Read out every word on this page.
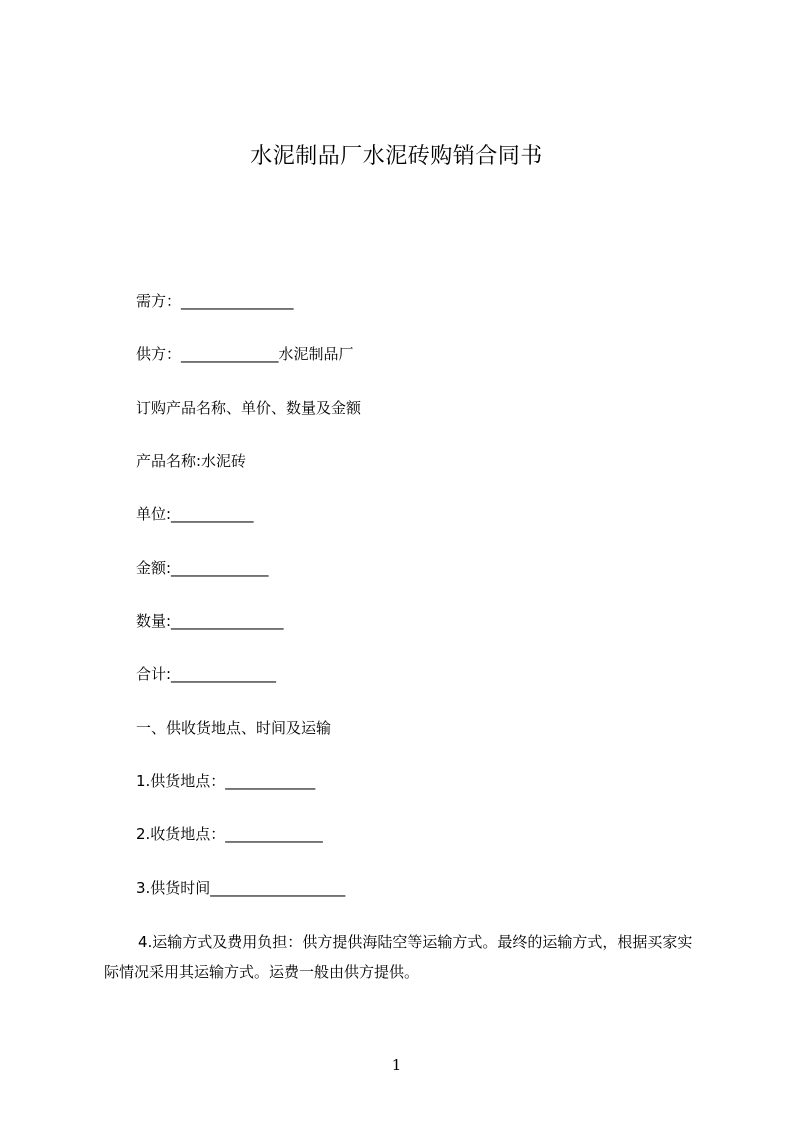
水泥制品厂水泥砖购销合同书
需方：_______________
供方：_____________水泥制品厂
订购产品名称、单价、数量及金额
产品名称:水泥砖
单位:___________
金额:_____________
数量:_______________
合计:______________
一、供收货地点、时间及运输
1.供货地点：____________
2.收货地点：_____________
3.供货时间__________________
4.运输方式及费用负担：供方提供海陆空等运输方式。最终的运输方式，根据买家实际情况采用其运输方式。运费一般由供方提供。
1
